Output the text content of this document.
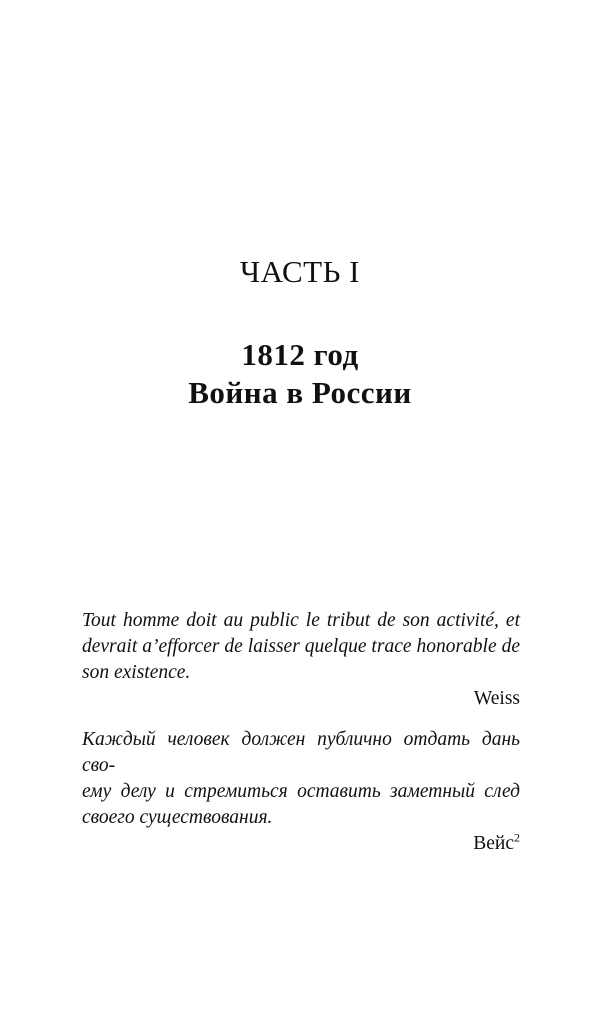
ЧАСТЬ I
1812 год
Война в России
Tout homme doit au public le tribut de son activité, et
devrait a’efforcer de laisser quelque trace honorable de
son existence.
Weiss
Каждый человек должен публично отдать дань сво-
ему делу и стремиться оставить заметный след
своего существования.
Вейс$^2$
